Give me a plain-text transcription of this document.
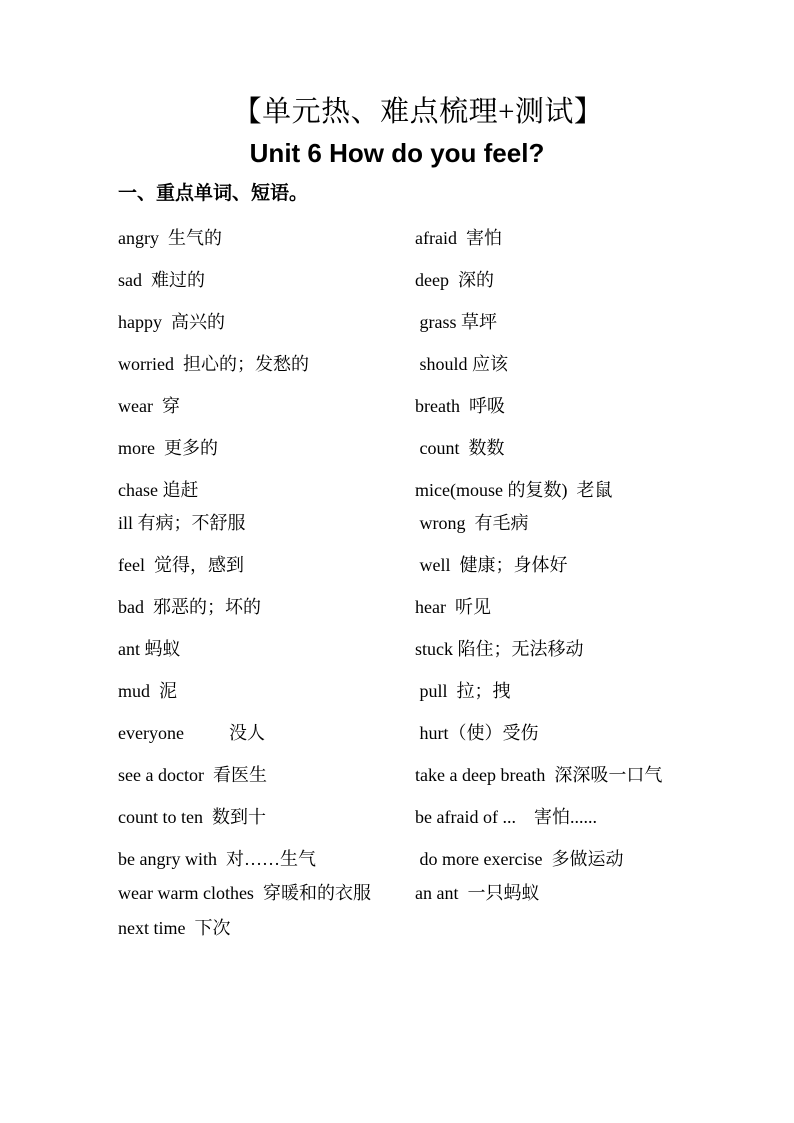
【单元热、难点梳理+测试】
Unit 6 How do you feel?
一、重点单词、短语。
angry  生气的	afraid  害怕
sad  难过的	deep  深的
happy  高兴的	grass 草坪
worried  担心的；发愁的	should 应该
wear  穿	breath  呼吸
more  更多的	count  数数
chase 追赶	mice(mouse 的复数)  老鼠
ill 有病；不舒服	wrong  有毛病
feel  觉得，感到	well  健康；身体好
bad  邪恶的；坏的	hear  听见
ant 蚂蚁	stuck 陷住；无法移动
mud  泥	pull  拉；拽
everyone          没人	hurt（使）受伤
see a doctor  看医生	take a deep breath  深深吸一口气
count to ten  数到十	be afraid of ...    害怕......
be angry with  对……生气	do more exercise  多做运动
wear warm clothes  穿暖和的衣服	an ant  一只蚂蚁
next time  下次
